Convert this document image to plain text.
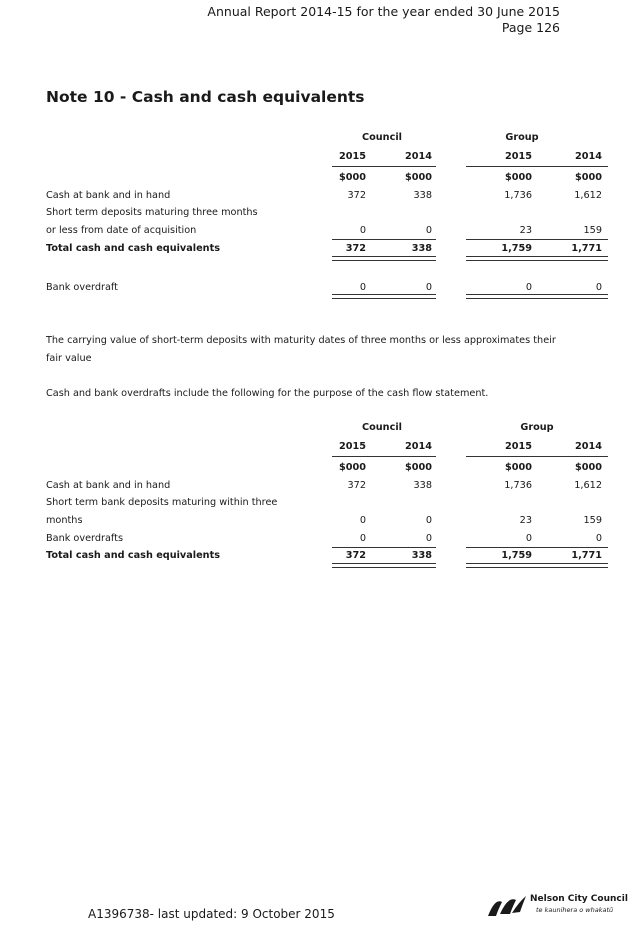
Annual Report 2014-15 for the year ended 30 June 2015
Page 126
Note 10 - Cash and cash equivalents
Council	Group
2015	2014	2015	2014
$000	$000	$000	$000
Cash at bank and in hand	372	338	1,736	1,612
Short term deposits maturing three months
or less from date of acquisition	0	0	23	159
Total cash and cash equivalents	372	338	1,759	1,771
Bank overdraft	0	0	0	0
The carrying value of short-term deposits with maturity dates of three months or less approximates their
fair value
Cash and bank overdrafts include the following for the purpose of the cash flow statement.
Council	Group
2015	2014	2015	2014
$000	$000	$000	$000
Cash at bank and in hand	372	338	1,736	1,612
Short term bank deposits maturing within three
months	0	0	23	159
Bank overdrafts	0	0	0	0
Total cash and cash equivalents	372	338	1,759	1,771
A1396738- last updated: 9 October 2015
Nelson City Council
te kaunihera o whakatū
